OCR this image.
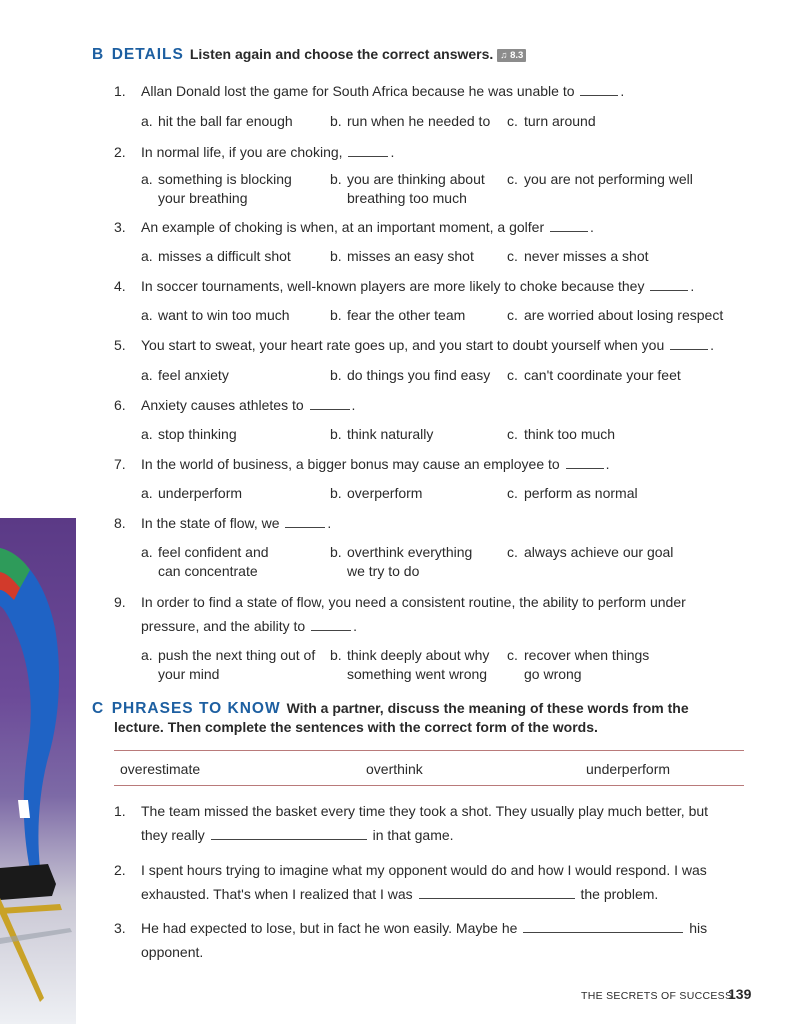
B DETAILS Listen again and choose the correct answers. ♫ 8.3
1.	Allan Donald lost the game for South Africa because he was unable to	.
a. hit the ball far enough	b. run when he needed to c. turn around
2.	In normal life, if you are choking,	.
a. something is blocking your breathing
b. you are thinking about breathing too much
c. you are not performing well
3.	An example of choking is when, at an important moment, a golfer	.
a. misses a difficult shot	b. misses an easy shot c. never misses a shot
4.	In soccer tournaments, well-known players are more likely to choke because they	.
a. want to win too much	b. fear the other team	c. are worried about losing respect
5.	You start to sweat, your heart rate goes up, and you start to doubt yourself when you	.
a. feel anxiety	b. do things you find easy c. can't coordinate your feet
6.	Anxiety causes athletes to	.
a. stop thinking	b. think naturally	c. think too much
7.	In the world of business, a bigger bonus may cause an employee to	.
a. underperform	b. overperform	c. perform as normal
8.	In the state of flow, we	.
a. feel confident and can concentrate
b. overthink everything we try to do
c. always achieve our goal
9.	In order to find a state of flow, you need a consistent routine, the ability to perform under pressure, and the ability to	.
a. push the next thing out of your mind
b. think deeply about why something went wrong
c. recover when things go wrong
C PHRASES TO KNOW With a partner, discuss the meaning of these words from the
lecture. Then complete the sentences with the correct form of the words.
overestimate	overthink	underperform
1.	The team missed the basket every time they took a shot. They usually play much better, but
they really	in that game.
2.	I spent hours trying to imagine what my opponent would do and how I would respond. I was
exhausted. That's when I realized that I was	the problem.
3.	He had expected to lose, but in fact he won easily. Maybe he	his
opponent.
THE SECRETS OF SUCCESS
139
